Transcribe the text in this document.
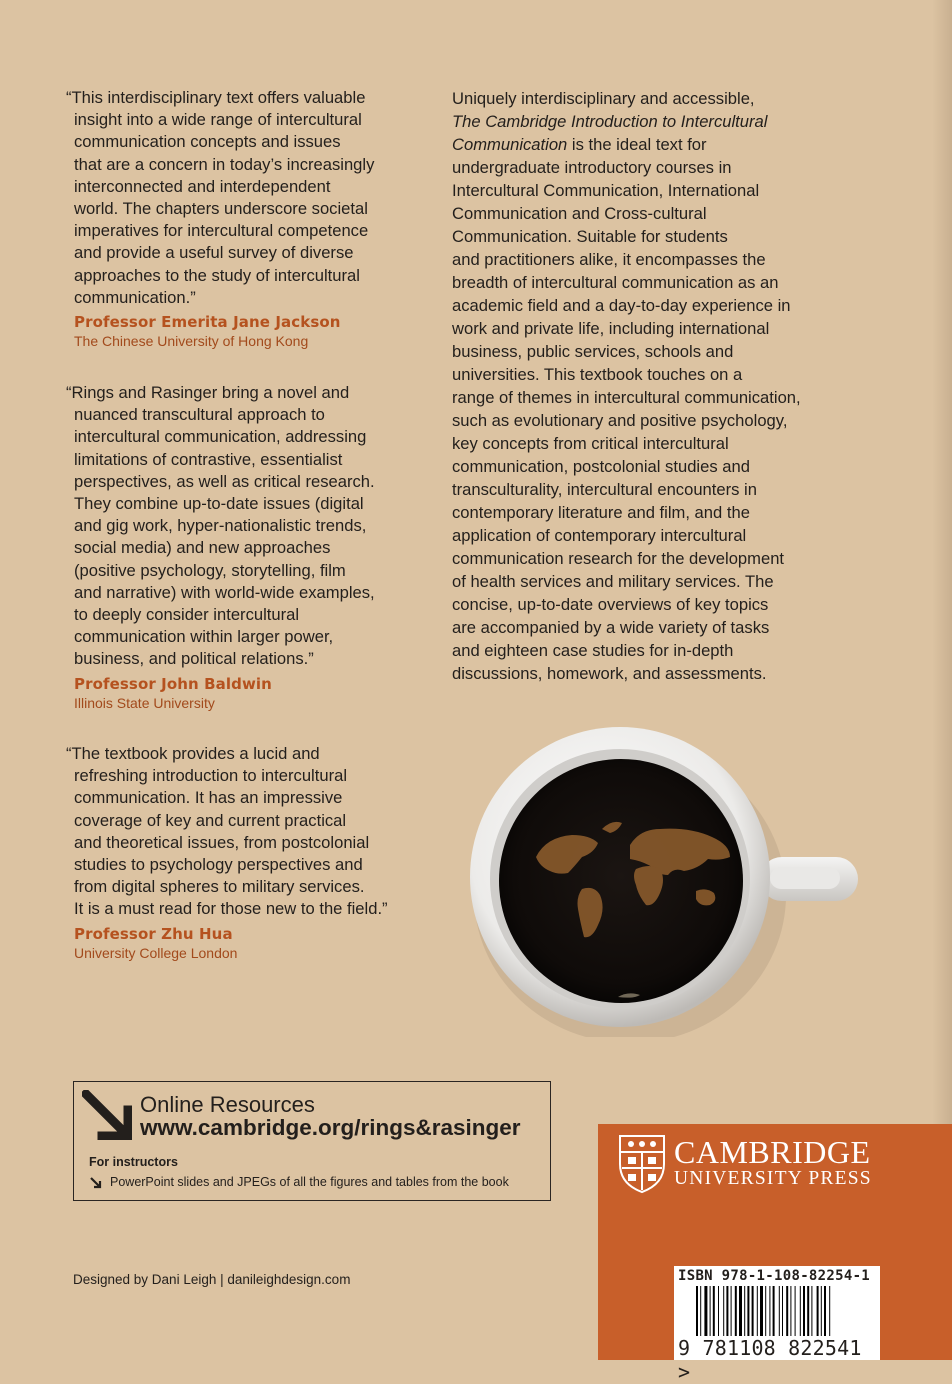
“This interdisciplinary text offers valuable
insight into a wide range of intercultural
communication concepts and issues
that are a concern in today’s increasingly
interconnected and interdependent
world. The chapters underscore societal
imperatives for intercultural competence
and provide a useful survey of diverse
approaches to the study of intercultural
communication.”

Professor Emerita Jane Jackson
The Chinese University of Hong Kong

“Rings and Rasinger bring a novel and
nuanced transcultural approach to
intercultural communication, addressing
limitations of contrastive, essentialist
perspectives, as well as critical research.
They combine up-to-date issues (digital
and gig work, hyper-nationalistic trends,
social media) and new approaches
(positive psychology, storytelling, film
and narrative) with world-wide examples,
to deeply consider intercultural
communication within larger power,
business, and political relations.”

Professor John Baldwin
Illinois State University

“The textbook provides a lucid and
refreshing introduction to intercultural
communication. It has an impressive
coverage of key and current practical
and theoretical issues, from postcolonial
studies to psychology perspectives and
from digital spheres to military services.
It is a must read for those new to the field.”

Professor Zhu Hua
University College London
Uniquely interdisciplinary and accessible,
The Cambridge Introduction to Intercultural
Communication is the ideal text for
undergraduate introductory courses in
Intercultural Communication, International
Communication and Cross-cultural
Communication. Suitable for students
and practitioners alike, it encompasses the
breadth of intercultural communication as an
academic field and a day-to-day experience in
work and private life, including international
business, public services, schools and
universities. This textbook touches on a
range of themes in intercultural communication,
such as evolutionary and positive psychology,
key concepts from critical intercultural
communication, postcolonial studies and
transculturality, intercultural encounters in
contemporary literature and film, and the
application of contemporary intercultural
communication research for the development
of health services and military services. The
concise, up-to-date overviews of key topics
are accompanied by a wide variety of tasks
and eighteen case studies for in-depth
discussions, homework, and assessments.
Online Resources
www.cambridge.org/rings&rasinger
For instructors
PowerPoint slides and JPEGs of all the figures and tables from the book
Designed by Dani Leigh | danileighdesign.com
CAMBRIDGE
UNIVERSITY PRESS
ISBN 978-1-108-82254-1
9 781108 822541 >
